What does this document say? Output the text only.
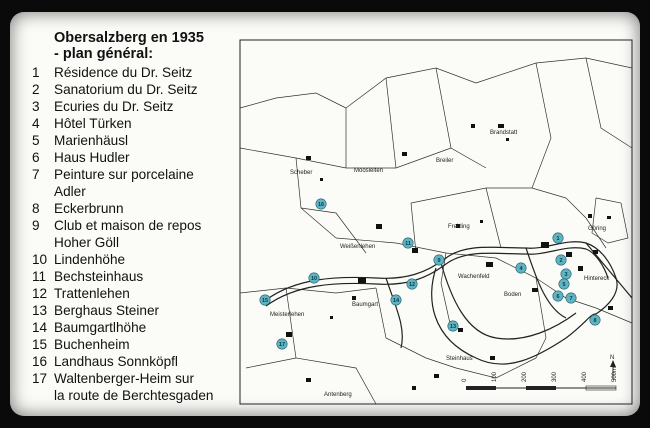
Obersalzberg en 1935
- plan général:
1 Résidence du Dr. Seitz
2 Sanatorium du Dr. Seitz
3 Ecuries du Dr. Seitz
4 Hôtel Türken
5 Marienhäusl
6 Haus Hudler
7 Peinture sur porcelaine
Adler
8 Eckerbrunn
9 Club et maison de repos
Hoher Göll
10 Lindenhöhe
11 Bechsteinhaus
12 Trattenlehen
13 Berghaus Steiner
14 Baumgartlhöhe
15 Buchenheim
16 Landhaus Sonnköpfl
17 Waltenberger-Heim sur
la route de Berchtesgaden
Scheber	Moosleiten
Breiler
Brandstatt
Freiding
Weißenlehen
Wachenfeld
Göring
Hintereck
Boden
Baumgart
Meisterlehen
Steinhaus
Antenberg
1
2
3
4
5
6 7
8
9
10
11
12
13
14
15
16
17
0	100	200	300	400	500m
N
